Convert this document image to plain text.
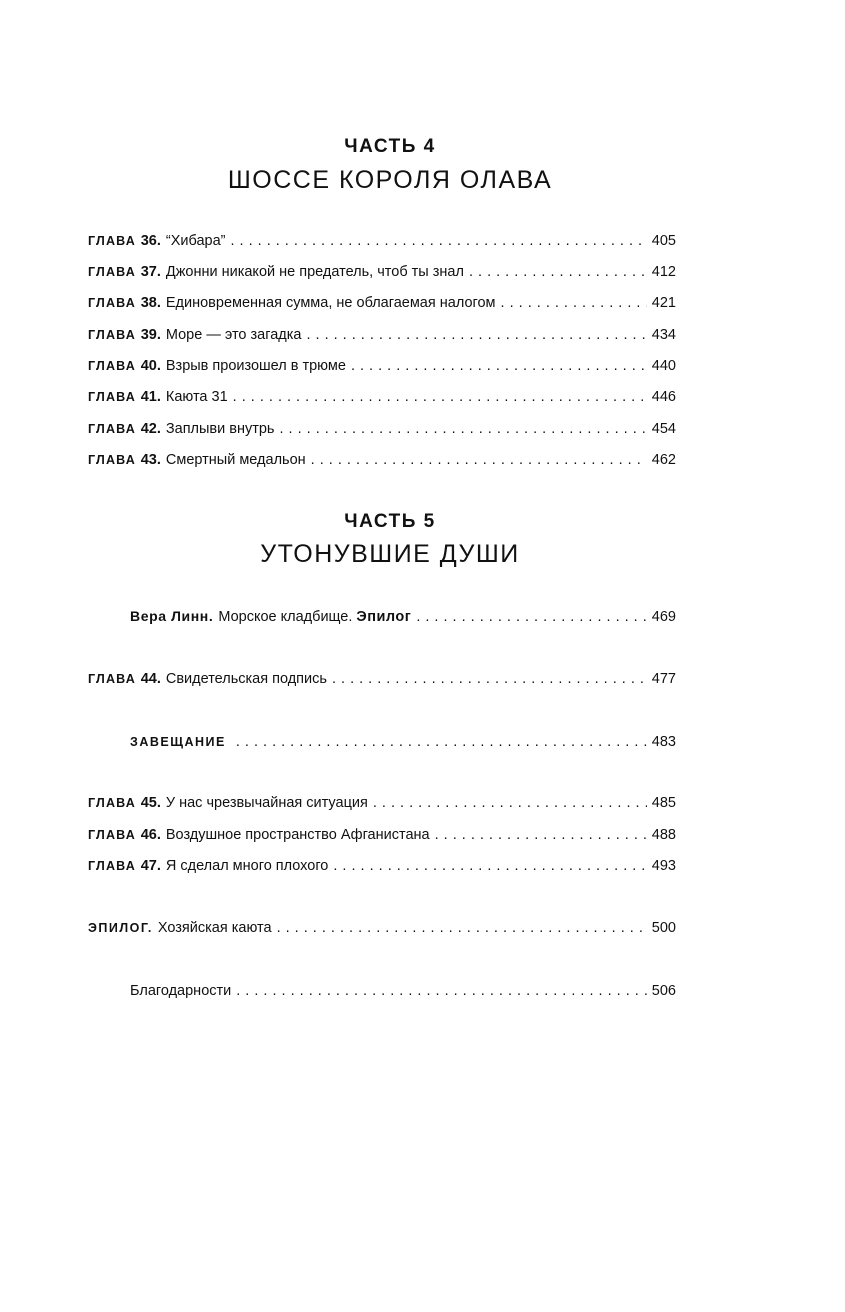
ЧАСТЬ 4
ШОССЕ КОРОЛЯ ОЛАВА
ГЛАВА 36. “Хибара” . . .	405
ГЛАВА 37. Джонни никакой не предатель, чтоб ты знал . . .	412
ГЛАВА 38. Единовременная сумма, не облагаемая налогом . . .	421
ГЛАВА 39. Море — это загадка . . .	434
ГЛАВА 40. Взрыв произошел в трюме . . .	440
ГЛАВА 41. Каюта 31 . . .	446
ГЛАВА 42. Заплыви внутрь . . .	454
ГЛАВА 43. Смертный медальон . . .	462
ЧАСТЬ 5
УТОНУВШИЕ ДУШИ
Вера Линн. Морское кладбище. Эпилог . . .	469
ГЛАВА 44. Свидетельская подпись . . .	477
ЗАВЕЩАНИЕ . . .	483
ГЛАВА 45. У нас чрезвычайная ситуация . . .	485
ГЛАВА 46. Воздушное пространство Афганистана . . .	488
ГЛАВА 47. Я сделал много плохого . . .	493
ЭПИЛОГ. Хозяйская каюта . . .	500
Благодарности . . .	506
